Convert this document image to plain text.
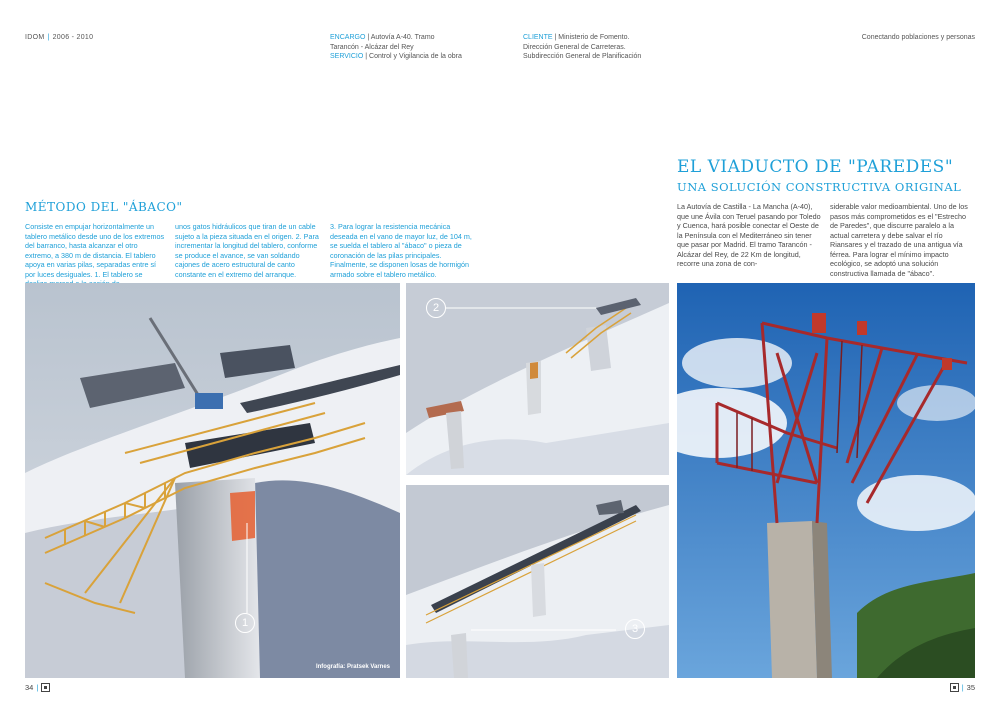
IDOM | 2006 - 2010	ENCARGO | Autovía A-40. Tramo
Tarancón - Alcázar del Rey
SERVICIO | Control y Vigilancia de la obra
CLIENTE | Ministerio de Fomento.
Dirección General de Carreteras.
Subdirección General de Planificación
Conectando poblaciones y personas
MÉTODO DEL "ÁBACO"

Consiste en empujar horizontalmente un tablero metálico desde uno de los extremos del barranco, hasta alcanzar el otro extremo, a 380 m de distancia. El tablero apoya en varias pilas, separadas entre sí por luces desiguales. 1. El tablero se

unos gatos hidráulicos que tiran de un cable sujeto a la pieza situada en el origen. 2. Para incrementar la longitud del tablero, conforme se produce el avance, se van soldando cajones de acero estructural de canto constante en el extremo del arranque.

3. Para lograr la resistencia mecánica deseada en el vano de mayor luz, de 104 m, se suelda el tablero al "ábaco" o pieza de coronación de las pilas principales. Finalmente, se disponen losas de hormigón armado sobre el tablero metálico.

EL VIADUCTO DE "PAREDES"
UNA SOLUCIÓN CONSTRUCTIVA ORIGINAL

La Autovía de Castilla - La Mancha (A-40), que une Ávila con Teruel pasando por Toledo y Cuenca, hará posible conectar el Oeste de la Península con el Mediterráneo sin tener que pasar por Madrid. El tramo Tarancón - Alcázar del Rey, de 22 Km de longitud, recorre una zona de con-

siderable valor medioambiental. Uno de los pasos más comprometidos es el "Estrecho de Paredes", que discurre paralelo a la actual carretera y debe salvar el río Riansares y el trazado de una antigua vía férrea. Para lograr el mínimo impacto ecológico, se adoptó una solución constructiva llamada de "ábaco".

1
Infografía: Pratsek Varnes
2
3
34 |	| 35
